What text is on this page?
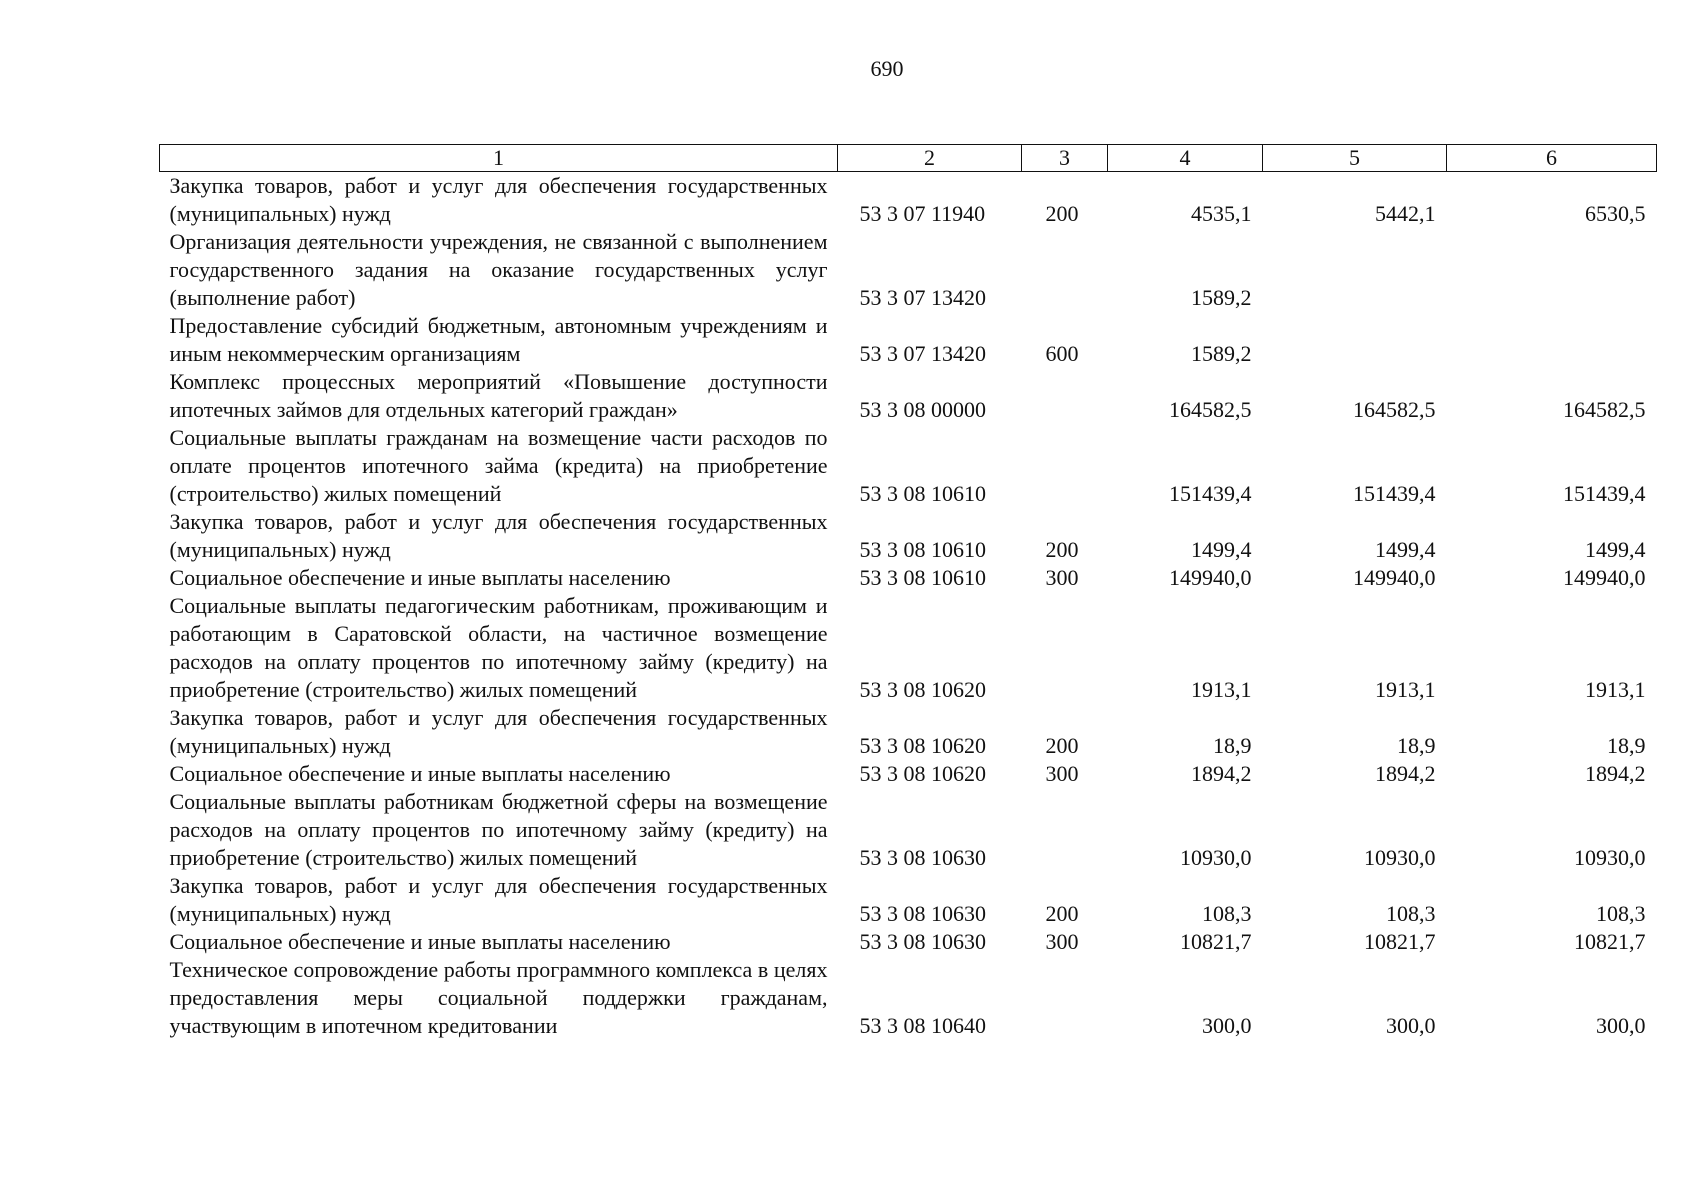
690
1	2	3	4	5	6
Закупка товаров, работ и услуг для обеспечения государственных (муниципальных) нужд	53 3 07 11940	200	4535,1	5442,1	6530,5
Организация деятельности учреждения, не связанной с выполнением государственного задания на оказание государственных услуг (выполнение работ)	53 3 07 13420		1589,2		
Предоставление субсидий бюджетным, автономным учреждениям и иным некоммерческим организациям	53 3 07 13420	600	1589,2		
Комплекс процессных мероприятий «Повышение доступности ипотечных займов для отдельных категорий граждан»	53 3 08 00000		164582,5	164582,5	164582,5
Социальные выплаты гражданам на возмещение части расходов по оплате процентов ипотечного займа (кредита) на приобретение (строительство) жилых помещений	53 3 08 10610		151439,4	151439,4	151439,4
Закупка товаров, работ и услуг для обеспечения государственных (муниципальных) нужд	53 3 08 10610	200	1499,4	1499,4	1499,4
Социальное обеспечение и иные выплаты населению	53 3 08 10610	300	149940,0	149940,0	149940,0
Социальные выплаты педагогическим работникам, проживающим и работающим в Саратовской области, на частичное возмещение расходов на оплату процентов по ипотечному займу (кредиту) на приобретение (строительство) жилых помещений	53 3 08 10620		1913,1	1913,1	1913,1
Закупка товаров, работ и услуг для обеспечения государственных (муниципальных) нужд	53 3 08 10620	200	18,9	18,9	18,9
Социальное обеспечение и иные выплаты населению	53 3 08 10620	300	1894,2	1894,2	1894,2
Социальные выплаты работникам бюджетной сферы на возмещение расходов на оплату процентов по ипотечному займу (кредиту) на приобретение (строительство) жилых помещений	53 3 08 10630		10930,0	10930,0	10930,0
Закупка товаров, работ и услуг для обеспечения государственных (муниципальных) нужд	53 3 08 10630	200	108,3	108,3	108,3
Социальное обеспечение и иные выплаты населению	53 3 08 10630	300	10821,7	10821,7	10821,7
Техническое сопровождение работы программного комплекса в целях предоставления меры социальной поддержки гражданам, участвующим в ипотечном кредитовании	53 3 08 10640		300,0	300,0	300,0
